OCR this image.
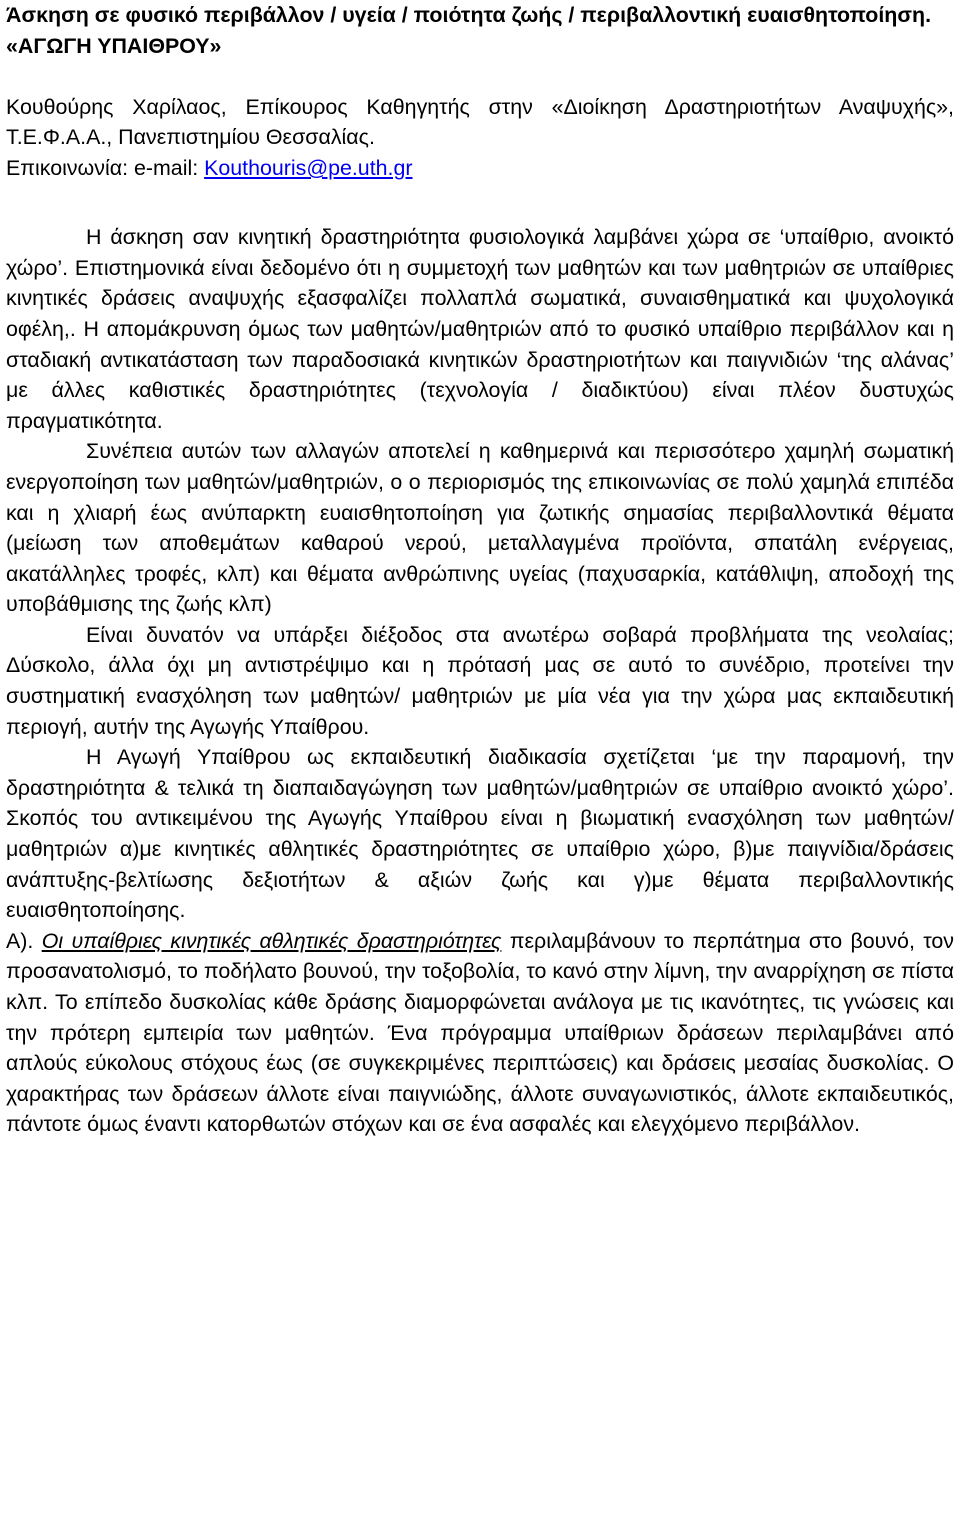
Άσκηση σε φυσικό περιβάλλον / υγεία / ποιότητα ζωής / περιβαλλοντική ευαισθητοποίηση. «ΑΓΩΓΗ ΥΠΑΙΘΡΟΥ»

Κουθούρης Χαρίλαος, Επίκουρος Καθηγητής στην «Διοίκηση Δραστηριοτήτων Αναψυχής», Τ.Ε.Φ.Α.Α., Πανεπιστημίου Θεσσαλίας.

Επικοινωνία: e-mail: Kouthouris@pe.uth.gr

Η άσκηση σαν κινητική δραστηριότητα φυσιολογικά λαμβάνει χώρα σε ‘υπαίθριο, ανοικτό χώρο’. Επιστημονικά είναι δεδομένο ότι η συμμετοχή των μαθητών και των μαθητριών σε υπαίθριες κινητικές δράσεις αναψυχής εξασφαλίζει πολλαπλά σωματικά, συναισθηματικά και ψυχολογικά οφέλη,. Η απομάκρυνση όμως των μαθητών/μαθητριών από το φυσικό υπαίθριο περιβάλλον και η σταδιακή αντικατάσταση των παραδοσιακά κινητικών δραστηριοτήτων και παιγνιδιών ‘της αλάνας’ με άλλες καθιστικές δραστηριότητες (τεχνολογία / διαδικτύου) είναι πλέον δυστυχώς πραγματικότητα.

Συνέπεια αυτών των αλλαγών αποτελεί η καθημερινά και περισσότερο χαμηλή σωματική ενεργοποίηση των μαθητών/μαθητριών, ο ο περιορισμός της επικοινωνίας σε πολύ χαμηλά επιπέδα και η χλιαρή έως ανύπαρκτη ευαισθητοποίηση για ζωτικής σημασίας περιβαλλοντικά θέματα (μείωση των αποθεμάτων καθαρού νερού, μεταλλαγμένα προϊόντα, σπατάλη ενέργειας, ακατάλληλες τροφές, κλπ) και θέματα ανθρώπινης υγείας (παχυσαρκία, κατάθλιψη, αποδοχή της υποβάθμισης της ζωής κλπ)

Είναι δυνατόν να υπάρξει διέξοδος στα ανωτέρω σοβαρά προβλήματα της νεολαίας; Δύσκολο, άλλα όχι μη αντιστρέψιμο και η πρότασή μας σε αυτό το συνέδριο, προτείνει την συστηματική ενασχόληση των μαθητών/ μαθητριών με μία νέα για την χώρα μας εκπαιδευτική περιογή, αυτήν της Αγωγής Υπαίθρου.

Η Αγωγή Υπαίθρου ως εκπαιδευτική διαδικασία σχετίζεται ‘με την παραμονή, την δραστηριότητα & τελικά τη διαπαιδαγώγηση των μαθητών/μαθητριών σε υπαίθριο ανοικτό χώρο’. Σκοπός του αντικειμένου της Αγωγής Υπαίθρου είναι η βιωματική ενασχόληση των μαθητών/μαθητριών α)με κινητικές αθλητικές δραστηριότητες σε υπαίθριο χώρο, β)με παιγνίδια/δράσεις ανάπτυξης-βελτίωσης δεξιοτήτων & αξιών ζωής και γ)με θέματα περιβαλλοντικής ευαισθητοποίησης.

Α). Οι υπαίθριες κινητικές αθλητικές δραστηριότητες περιλαμβάνουν το περπάτημα στο βουνό, τον προσανατολισμό, το ποδήλατο βουνού, την τοξοβολία, το κανό στην λίμνη, την αναρρίχηση σε πίστα κλπ. Το επίπεδο δυσκολίας κάθε δράσης διαμορφώνεται ανάλογα με τις ικανότητες, τις γνώσεις και την πρότερη εμπειρία των μαθητών. Ένα πρόγραμμα υπαίθριων δράσεων περιλαμβάνει από απλούς εύκολους στόχους έως (σε συγκεκριμένες περιπτώσεις) και δράσεις μεσαίας δυσκολίας. Ο χαρακτήρας των δράσεων άλλοτε είναι παιγνιώδης, άλλοτε συναγωνιστικός, άλλοτε εκπαιδευτικός, πάντοτε όμως έναντι κατορθωτών στόχων και σε ένα ασφαλές και ελεγχόμενο περιβάλλον.
